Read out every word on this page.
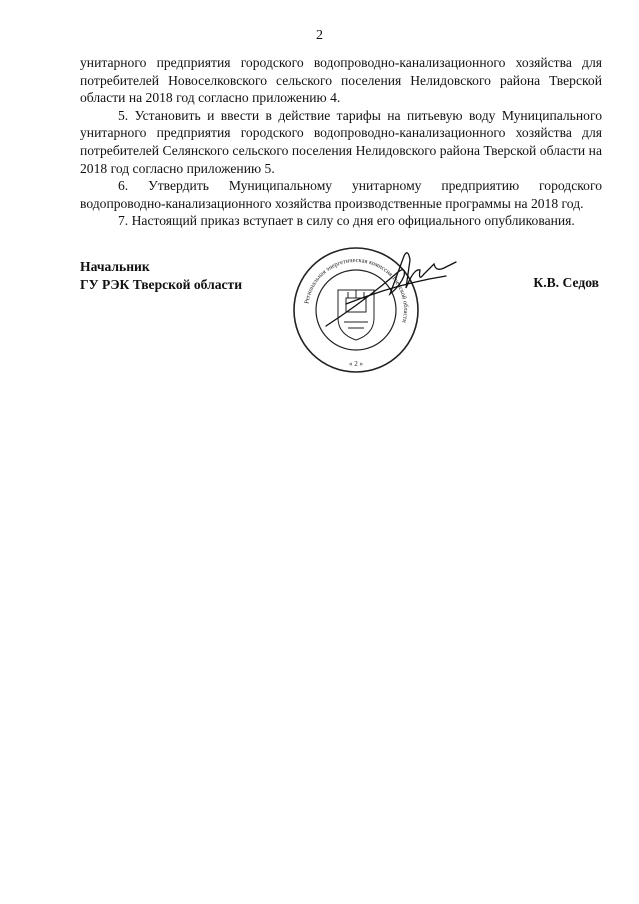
2

унитарного предприятия городского водопроводно-канализационного хозяйства для потребителей Новоселковского сельского поселения Нелидовского района Тверской области на 2018 год согласно приложению 4.

5. Установить и ввести в действие тарифы на питьевую воду Муниципального унитарного предприятия городского водопроводно-канализационного хозяйства для потребителей Селянского сельского поселения Нелидовского района Тверской области на 2018 год согласно приложению 5.

6. Утвердить Муниципальному унитарному предприятию городского водопроводно-канализационного хозяйства производственные программы на 2018 год.

7. Настоящий приказ вступает в силу со дня его официального опубликования.

Начальник
ГУ РЭК Тверской области	К.В. Седов
Региональная энергетическая комиссия Тверской области
« 2 »
